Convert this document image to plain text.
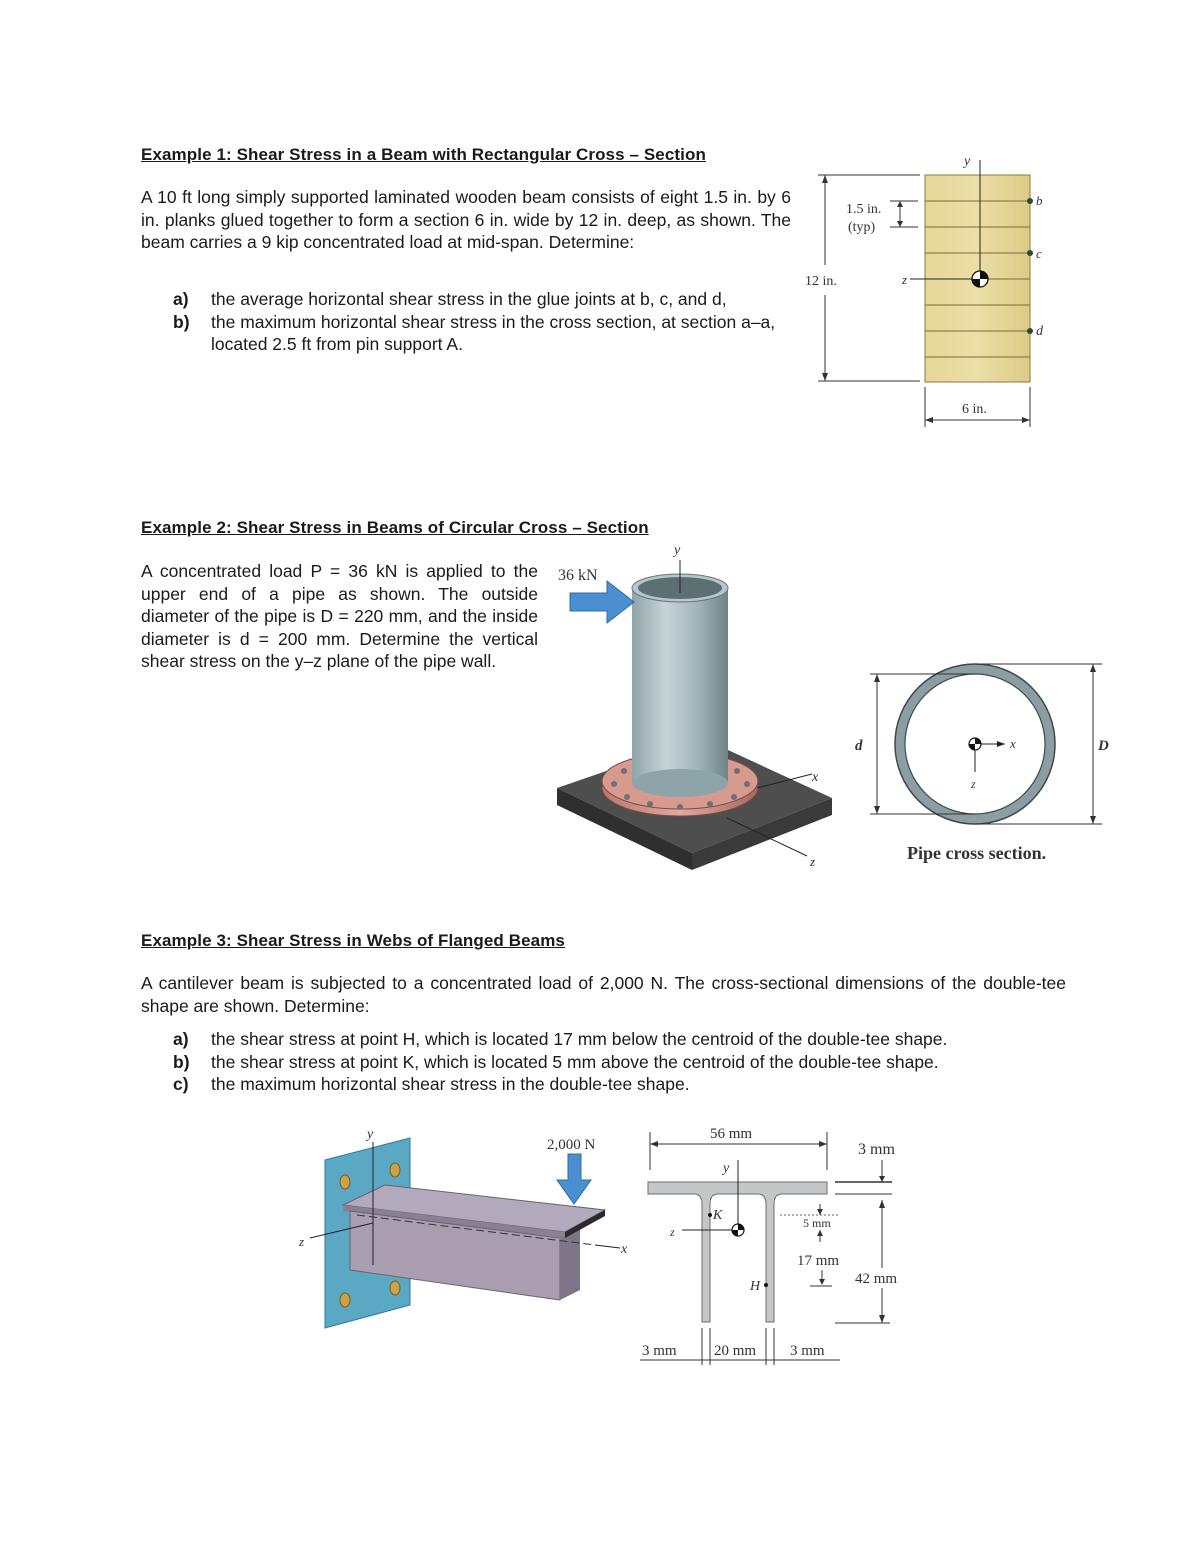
Example 1: Shear Stress in a Beam with Rectangular Cross – Section

A 10 ft long simply supported laminated wooden beam consists of eight 1.5 in. by 6 in. planks glued together to form a section 6 in. wide by 12 in. deep, as shown. The beam carries a 9 kip concentrated load at mid-span. Determine:

a)	the average horizontal shear stress in the glue joints at b, c, and d,
b)	the maximum horizontal shear stress in the cross section, at section a–a, located 2.5 ft from pin support A.
y
z
b
c
d
1.5 in.
(typ)
12 in.
6 in.
Example 2: Shear Stress in Beams of Circular Cross – Section

A concentrated load P = 36 kN is applied to the upper end of a pipe as shown. The outside diameter of the pipe is D = 220 mm, and the inside diameter is d = 200 mm. Determine the vertical shear stress on the y–z plane of the pipe wall.

y
x
z
36 kN
x
z
d	D
Pipe cross section.
Example 3: Shear Stress in Webs of Flanged Beams

A cantilever beam is subjected to a concentrated load of 2,000 N. The cross-sectional dimensions of the double-tee shape are shown. Determine:

a)	the shear stress at point H, which is located 17 mm below the centroid of the double-tee shape.
b)	the shear stress at point K, which is located 5 mm above the centroid of the double-tee shape.
c)	the maximum horizontal shear stress in the double-tee shape.
y
z
x
2,000 N
56 mm
y
z
K
H
5 mm
17 mm
3 mm
42 mm
3 mm 20 mm 3 mm
